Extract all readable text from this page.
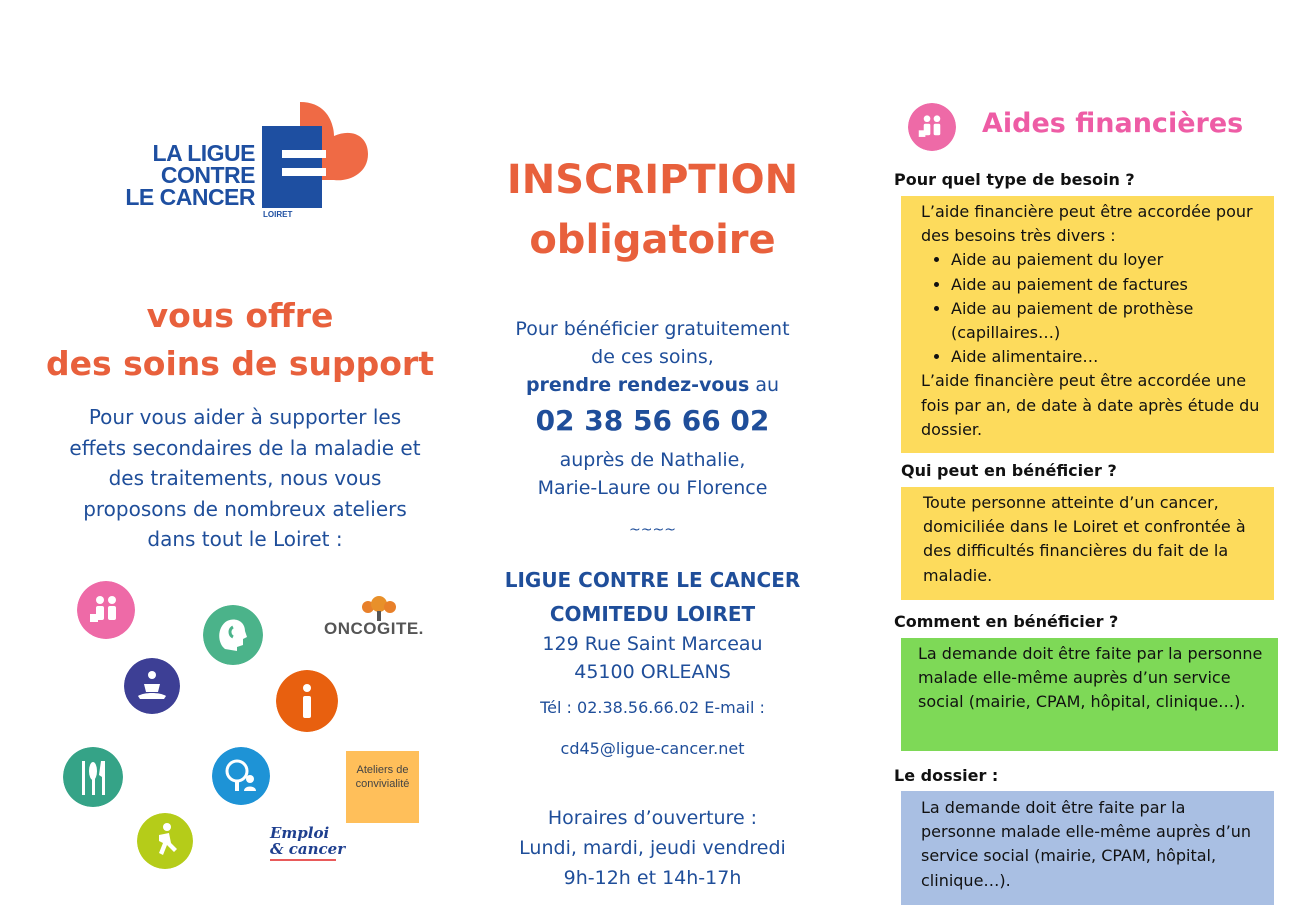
LA LIGUE
CONTRE
LE CANCER
LOIRET
vous offre
des soins de support
Pour vous aider à supporter les effets secondaires de la maladie et des traitements, nous vous proposons de nombreux ateliers dans tout le Loiret :
ONCOGITE.
Ateliers de convivialité
Emploi
& cancer
INSCRIPTION
obligatoire
Pour bénéficier gratuitement
de ces soins,
prendre rendez-vous au
02 38 56 66 02
auprès de Nathalie,
Marie-Laure ou Florence
~~~~
LIGUE CONTRE LE CANCER
COMITEDU LOIRET
129 Rue Saint Marceau
45100 ORLEANS
Tél : 02.38.56.66.02 E-mail :
cd45@ligue-cancer.net
Horaires d’ouverture :
Lundi, mardi, jeudi vendredi
9h-12h et 14h-17h
Aides financières
Pour quel type de besoin ?
L’aide financière peut être accordée pour des besoins très divers :
• Aide au paiement du loyer
• Aide au paiement de factures
• Aide au paiement de prothèse (capillaires…)
• Aide alimentaire…
L’aide financière peut être accordée une fois par an, de date à date après étude du dossier.
Qui peut en bénéficier ?
Toute personne atteinte d’un cancer, domiciliée dans le Loiret et confrontée à des difficultés financières du fait de la maladie.
Comment en bénéficier ?
La demande doit être faite par la personne malade elle-même auprès d’un service social (mairie, CPAM, hôpital, clinique…).
Le dossier :
La demande doit être faite par la personne malade elle-même auprès d’un service social (mairie, CPAM, hôpital, clinique…).
